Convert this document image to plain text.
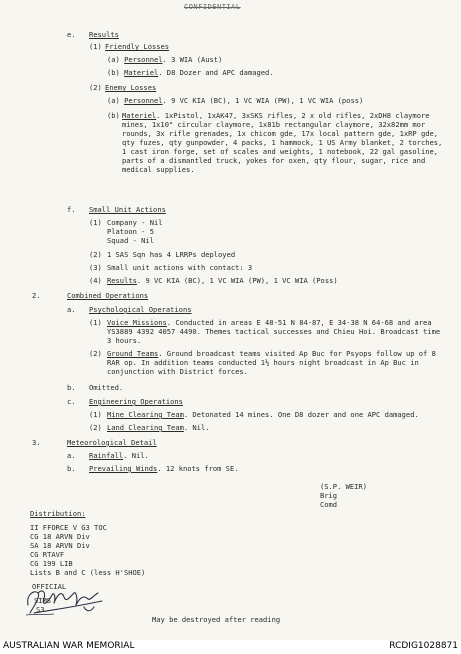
CONFIDENTIAL
e. Results
(1) Friendly Losses
(a) Personnel. 3 WIA (Aust)
(b) Materiel. D8 Dozer and APC damaged.
(2) Enemy Losses
(a) Personnel. 9 VC KIA (BC), 1 VC WIA (PW), 1 VC WIA (poss)
(b) Materiel. 1xPistol, 1xAK47, 3xSKS rifles, 2 x old rifles, 2xDH8 claymore mines, 1x10" circular claymore, 1x81b rectangular claymore, 32x82mm mor rounds, 3x rifle grenades, 1x chicom gde, 17x local pattern gde, 1xRP gde, qty fuzes, qty gunpowder, 4 packs, 1 hammock, 1 US Army blanket, 2 torches, 1 cast iron forge, set of scales and weights, 1 notebook, 22 gal gasoline, parts of a dismantled truck, yokes for oxen, qty flour, sugar, rice and medical supplies.
f. Small Unit Actions
(1) Company - Nil
Platoon - 5
Squad - Nil
(2) 1 SAS Sqn has 4 LRRPs deployed
(3) Small unit actions with contact: 3
(4) Results. 9 VC KIA (BC), 1 VC WIA (PW), 1 VC WIA (Poss)
2.	Combined Operations
a. Psychological Operations
(1) Voice Missions. Conducted in areas E 48-51 N 84-87, E 34-38 N 64-68 and area YS3889 4392 4057 4490. Themes tactical successes and Chieu Hoi. Broadcast time 3 hours.
(2) Ground Teams. Ground broadcast teams visited Ap Buc for Psyops follow up of 8 RAR op. In addition teams conducted 1½ hours night broadcast in Ap Buc in conjunction with District forces.
b. Omitted.
c. Engineering Operations
(1) Mine Clearing Team. Detonated 14 mines. One D8 dozer and one APC damaged.
(2) Land Clearing Team. Nil.
3.	Meteorological Detail
a. Rainfall. Nil.
b. Prevailing Winds. 12 knots from SE.
(S.P. WEIR)
Brig
Comd
Distribution:
II FFORCE V G3 TOC
CG 18 ARVN Div
SA 18 ARVN Div
CG RTAVF
CG 199 LIB
Lists B and C (less H'SHOE)
OFFICIAL
SIMS
S3
May be destroyed after reading
AUSTRALIAN WAR MEMORIAL	RCDIG1028871
